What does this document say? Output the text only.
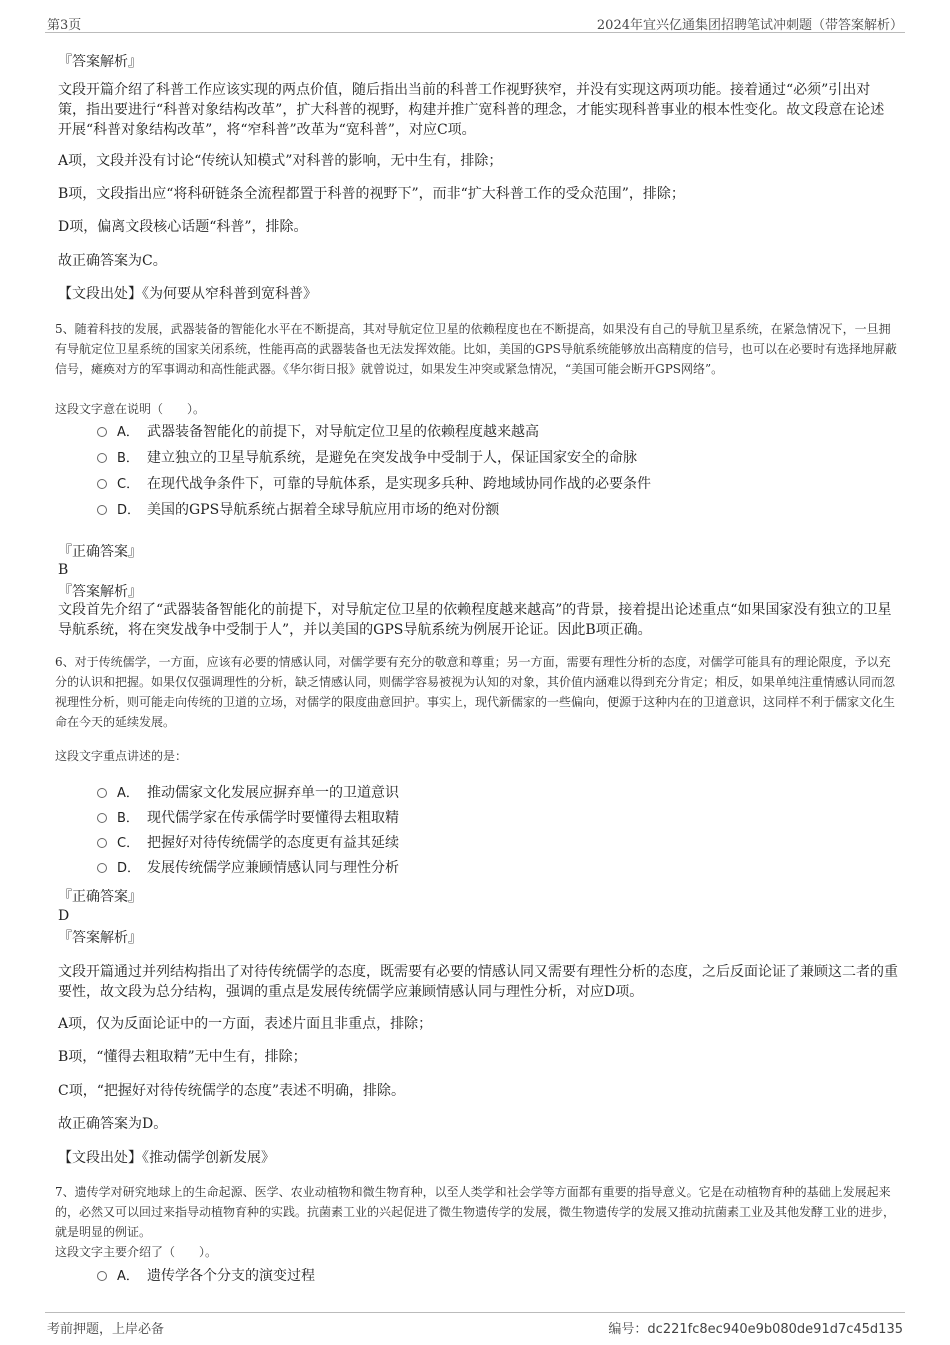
第3页	2024年宜兴亿通集团招聘笔试冲刺题（带答案解析）
『答案解析』

文段开篇介绍了科普工作应该实现的两点价值，随后指出当前的科普工作视野狭窄，并没有实现这两项功能。接着通过“必须”引出对策，指出要进行“科普对象结构改革”，扩大科普的视野，构建并推广宽科普的理念，才能实现科普事业的根本性变化。故文段意在论述开展“科普对象结构改革”，将“窄科普”改革为“宽科普”，对应C项。

A项，文段并没有讨论“传统认知模式”对科普的影响，无中生有，排除；

B项，文段指出应“将科研链条全流程都置于科普的视野下”，而非“扩大科普工作的受众范围”，排除；

D项，偏离文段核心话题“科普”，排除。

故正确答案为C。

【文段出处】《为何要从窄科普到宽科普》

5、随着科技的发展，武器装备的智能化水平在不断提高，其对导航定位卫星的依赖程度也在不断提高，如果没有自己的导航卫星系统，在紧急情况下，一旦拥有导航定位卫星系统的国家关闭系统，性能再高的武器装备也无法发挥效能。比如，美国的GPS导航系统能够放出高精度的信号，也可以在必要时有选择地屏蔽信号，瘫痪对方的军事调动和高性能武器。《华尔街日报》就曾说过，如果发生冲突或紧急情况，“美国可能会断开GPS网络”。

这段文字意在说明（　　）。

A． 武器装备智能化的前提下，对导航定位卫星的依赖程度越来越高
B． 建立独立的卫星导航系统，是避免在突发战争中受制于人，保证国家安全的命脉
C． 在现代战争条件下，可靠的导航体系，是实现多兵种、跨地域协同作战的必要条件
D． 美国的GPS导航系统占据着全球导航应用市场的绝对份额
『正确答案』
B
『答案解析』

文段首先介绍了“武器装备智能化的前提下，对导航定位卫星的依赖程度越来越高”的背景，接着提出论述重点“如果国家没有独立的卫星导航系统，将在突发战争中受制于人”，并以美国的GPS导航系统为例展开论证。因此B项正确。

6、对于传统儒学，一方面，应该有必要的情感认同，对儒学要有充分的敬意和尊重；另一方面，需要有理性分析的态度，对儒学可能具有的理论限度，予以充分的认识和把握。如果仅仅强调理性的分析，缺乏情感认同，则儒学容易被视为认知的对象，其价值内涵难以得到充分肯定；相反，如果单纯注重情感认同而忽视理性分析，则可能走向传统的卫道的立场，对儒学的限度曲意回护。事实上，现代新儒家的一些偏向，便源于这种内在的卫道意识，这同样不利于儒家文化生命在今天的延续发展。

这段文字重点讲述的是：

A． 推动儒家文化发展应摒弃单一的卫道意识
B． 现代儒学家在传承儒学时要懂得去粗取精
C． 把握好对待传统儒学的态度更有益其延续
D． 发展传统儒学应兼顾情感认同与理性分析
『正确答案』
D
『答案解析』

文段开篇通过并列结构指出了对待传统儒学的态度，既需要有必要的情感认同又需要有理性分析的态度，之后反面论证了兼顾这二者的重要性，故文段为总分结构，强调的重点是发展传统儒学应兼顾情感认同与理性分析，对应D项。

A项，仅为反面论证中的一方面，表述片面且非重点，排除；

B项，“懂得去粗取精”无中生有，排除；

C项，“把握好对待传统儒学的态度”表述不明确，排除。

故正确答案为D。

【文段出处】《推动儒学创新发展》

7、遗传学对研究地球上的生命起源、医学、农业动植物和微生物育种，以至人类学和社会学等方面都有重要的指导意义。它是在动植物育种的基础上发展起来的，必然又可以回过来指导动植物育种的实践。抗菌素工业的兴起促进了微生物遗传学的发展，微生物遗传学的发展又推动抗菌素工业及其他发酵工业的进步，就是明显的例证。

这段文字主要介绍了（　　）。

A． 遗传学各个分支的演变过程
考前押题，上岸必备	编号：dc221fc8ec940e9b080de91d7c45d135
